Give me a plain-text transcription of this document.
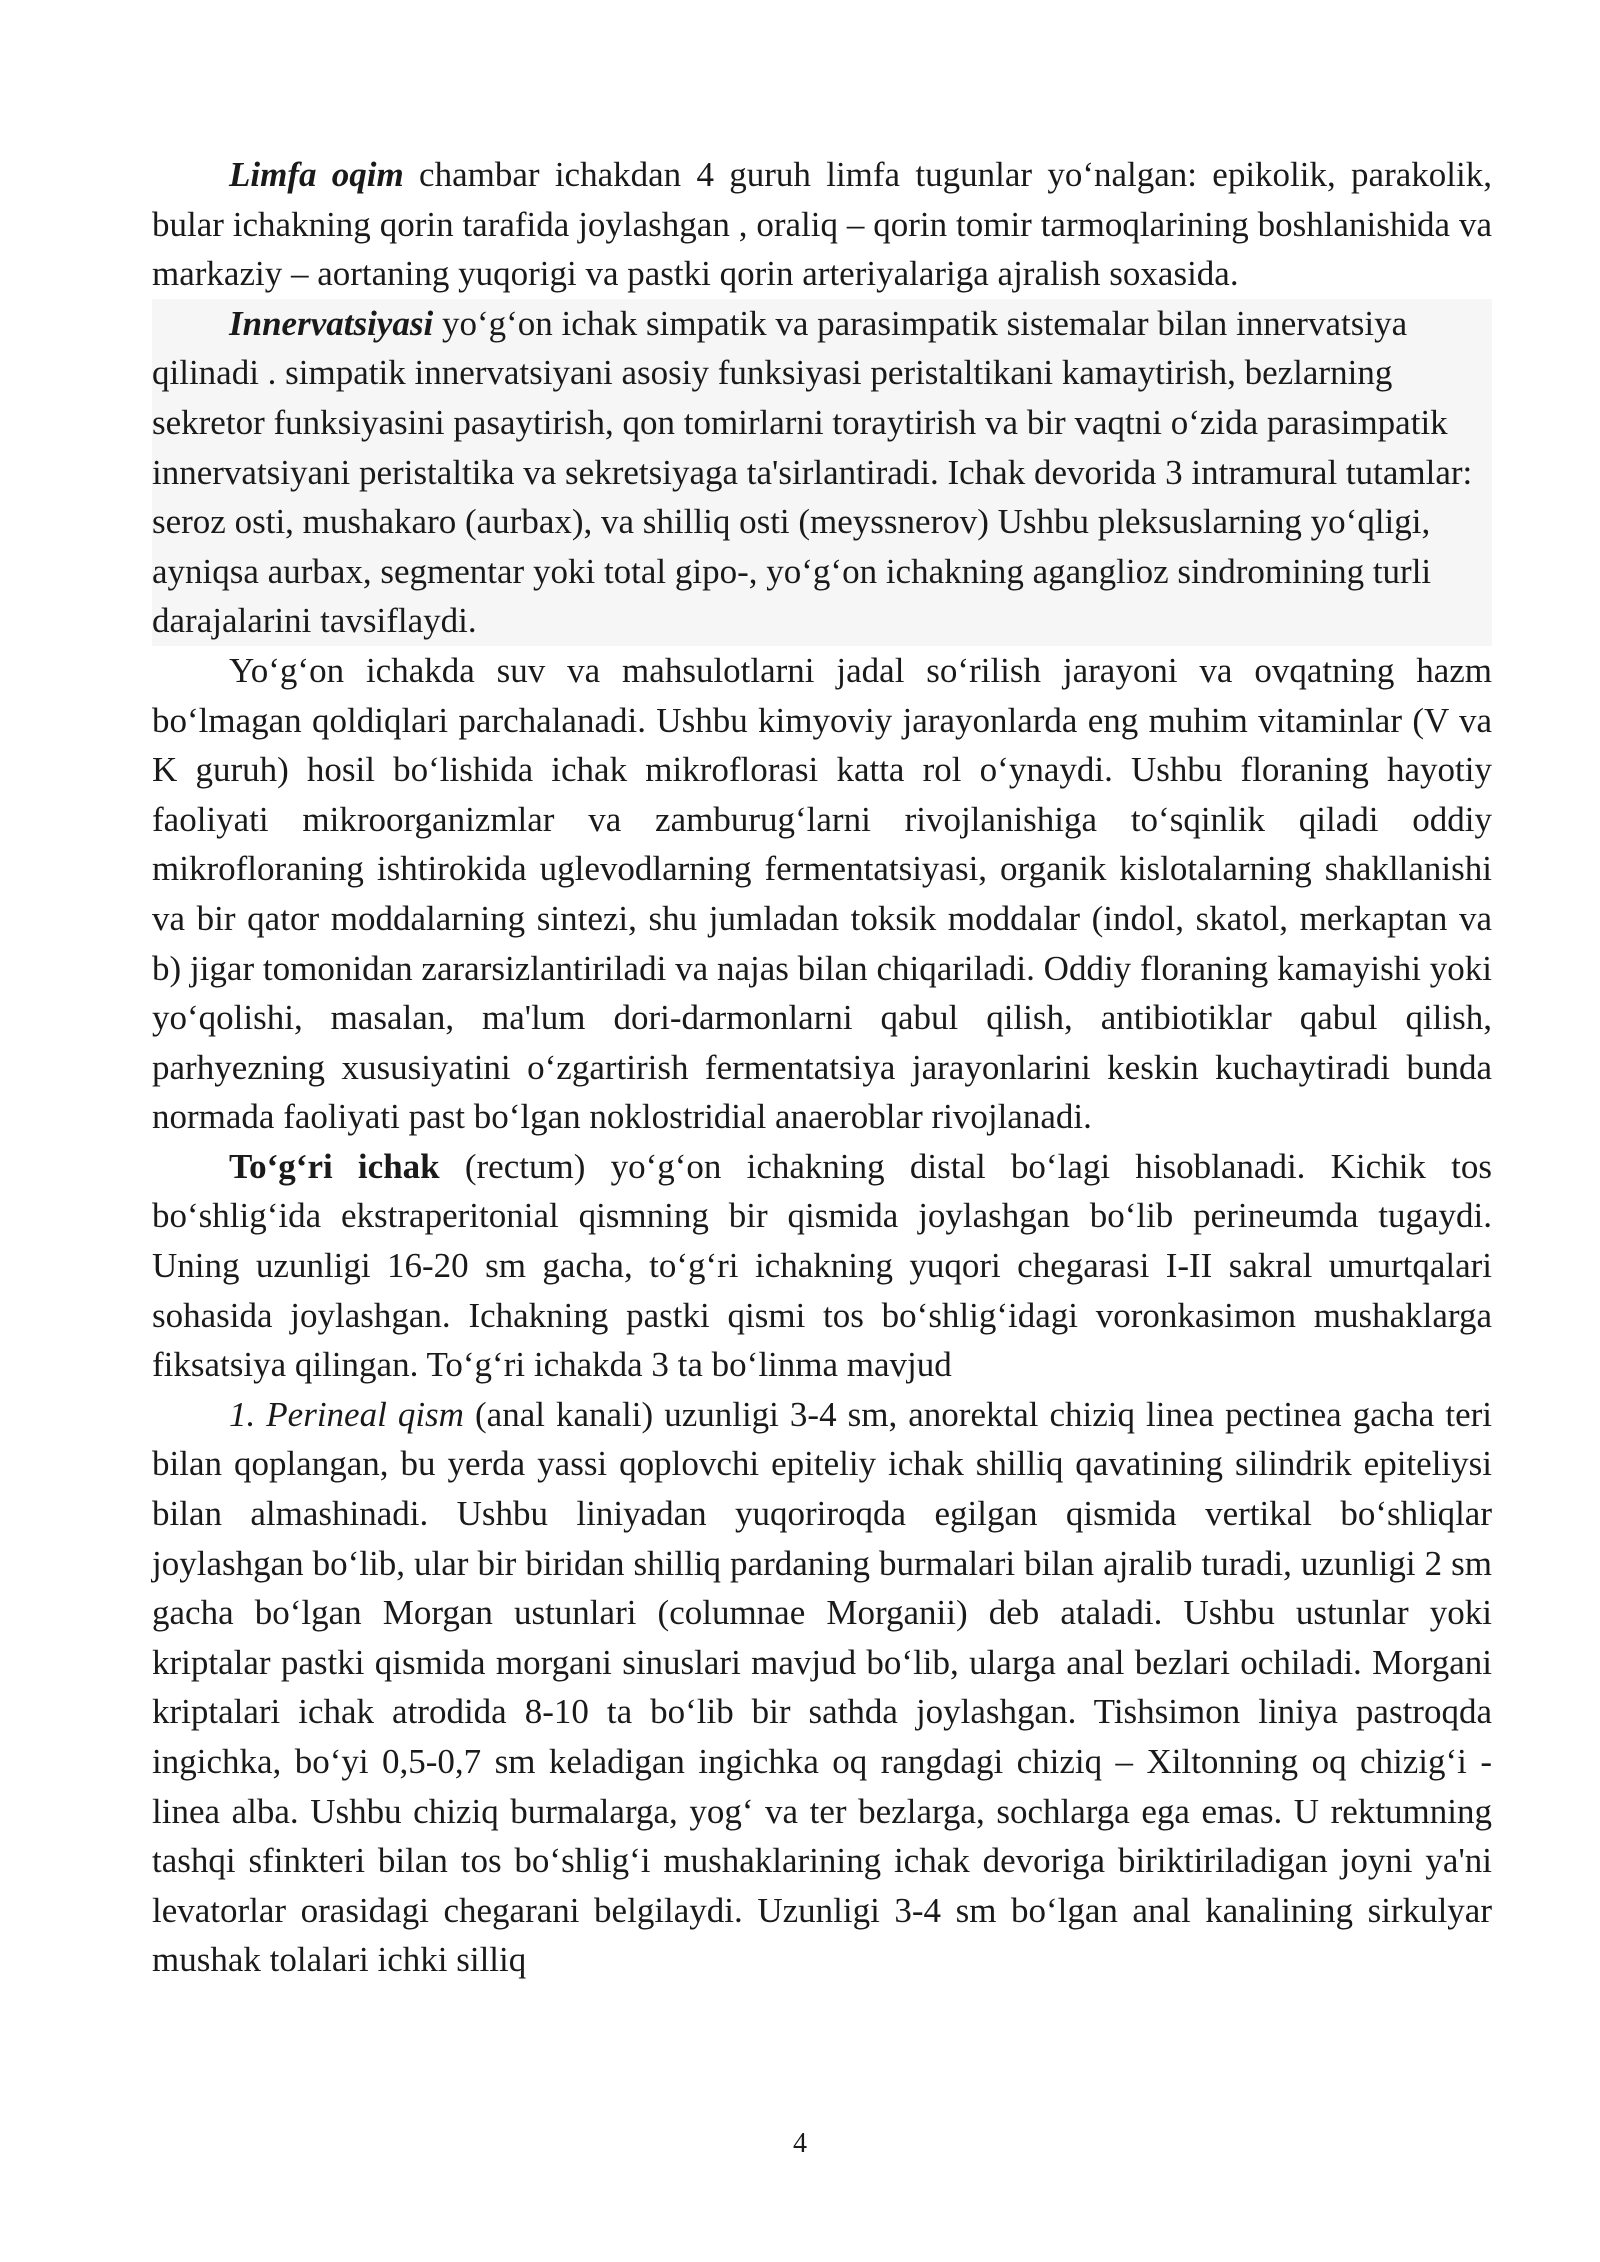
Limfa oqim chambar ichakdan 4 guruh limfa tugunlar yo‘nalgan: epikolik, parakolik, bular ichakning qorin tarafida joylashgan , oraliq – qorin tomir tarmoqlarining boshlanishida va markaziy – aortaning yuqorigi va pastki qorin arteriyalariga ajralish soxasida.

Innervatsiyasi yo‘g‘on ichak simpatik va parasimpatik sistemalar bilan innervatsiya qilinadi . simpatik innervatsiyani asosiy funksiyasi peristaltikani kamaytirish, bezlarning sekretor funksiyasini pasaytirish, qon tomirlarni toraytirish va bir vaqtni o‘zida parasimpatik innervatsiyani peristaltika va sekretsiyaga ta'sirlantiradi. Ichak devorida 3 intramural tutamlar: seroz osti, mushakaro (aurbax), va shilliq osti (meyssnerov) Ushbu pleksuslarning yo‘qligi, ayniqsa aurbax, segmentar yoki total gipo-, yo‘g‘on ichakning aganglioz sindromining turli darajalarini tavsiflaydi.

Yo‘g‘on ichakda suv va mahsulotlarni jadal so‘rilish jarayoni va ovqatning hazm bo‘lmagan qoldiqlari parchalanadi. Ushbu kimyoviy jarayonlarda eng muhim vitaminlar (V va K guruh) hosil bo‘lishida ichak mikroflorasi katta rol o‘ynaydi. Ushbu floraning hayotiy faoliyati mikroorganizmlar va zamburug‘larni rivojlanishiga to‘sqinlik qiladi oddiy mikrofloraning ishtirokida uglevodlarning fermentatsiyasi, organik kislotalarning shakllanishi va bir qator moddalarning sintezi, shu jumladan toksik moddalar (indol, skatol, merkaptan va b) jigar tomonidan zararsizlantiriladi va najas bilan chiqariladi. Oddiy floraning kamayishi yoki yo‘qolishi, masalan, ma'lum dori-darmonlarni qabul qilish, antibiotiklar qabul qilish, parhyezning xususiyatini o‘zgartirish fermentatsiya jarayonlarini keskin kuchaytiradi bunda normada faoliyati past bo‘lgan noklostridial anaeroblar rivojlanadi.

To‘g‘ri ichak (rectum) yo‘g‘on ichakning distal bo‘lagi hisoblanadi. Kichik tos bo‘shlig‘ida ekstraperitonial qismning bir qismida joylashgan bo‘lib perineumda tugaydi. Uning uzunligi 16-20 sm gacha, to‘g‘ri ichakning yuqori chegarasi I-II sakral umurtqalari sohasida joylashgan. Ichakning pastki qismi tos bo‘shlig‘idagi voronkasimon mushaklarga fiksatsiya qilingan. To‘g‘ri ichakda 3 ta bo‘linma mavjud

1. Perineal qism (anal kanali) uzunligi 3-4 sm, anorektal chiziq linea pectinea gacha teri bilan qoplangan, bu yerda yassi qoplovchi epiteliy ichak shilliq qavatining silindrik epiteliysi bilan almashinadi. Ushbu liniyadan yuqoriroqda egilgan qismida vertikal bo‘shliqlar joylashgan bo‘lib, ular bir biridan shilliq pardaning burmalari bilan ajralib turadi, uzunligi 2 sm gacha bo‘lgan Morgan ustunlari (columnae Morganii) deb ataladi. Ushbu ustunlar yoki kriptalar pastki qismida morgani sinuslari mavjud bo‘lib, ularga anal bezlari ochiladi. Morgani kriptalari ichak atrodida 8-10 ta bo‘lib bir sathda joylashgan. Tishsimon liniya pastroqda ingichka, bo‘yi 0,5-0,7 sm keladigan ingichka oq rangdagi chiziq – Xiltonning oq chizig‘i - linea alba. Ushbu chiziq burmalarga, yog‘ va ter bezlarga, sochlarga ega emas. U rektumning tashqi sfinkteri bilan tos bo‘shlig‘i mushaklarining ichak devoriga biriktiriladigan joyni ya'ni levatorlar orasidagi chegarani belgilaydi. Uzunligi 3-4 sm bo‘lgan anal kanalining sirkulyar mushak tolalari ichki silliq

4
